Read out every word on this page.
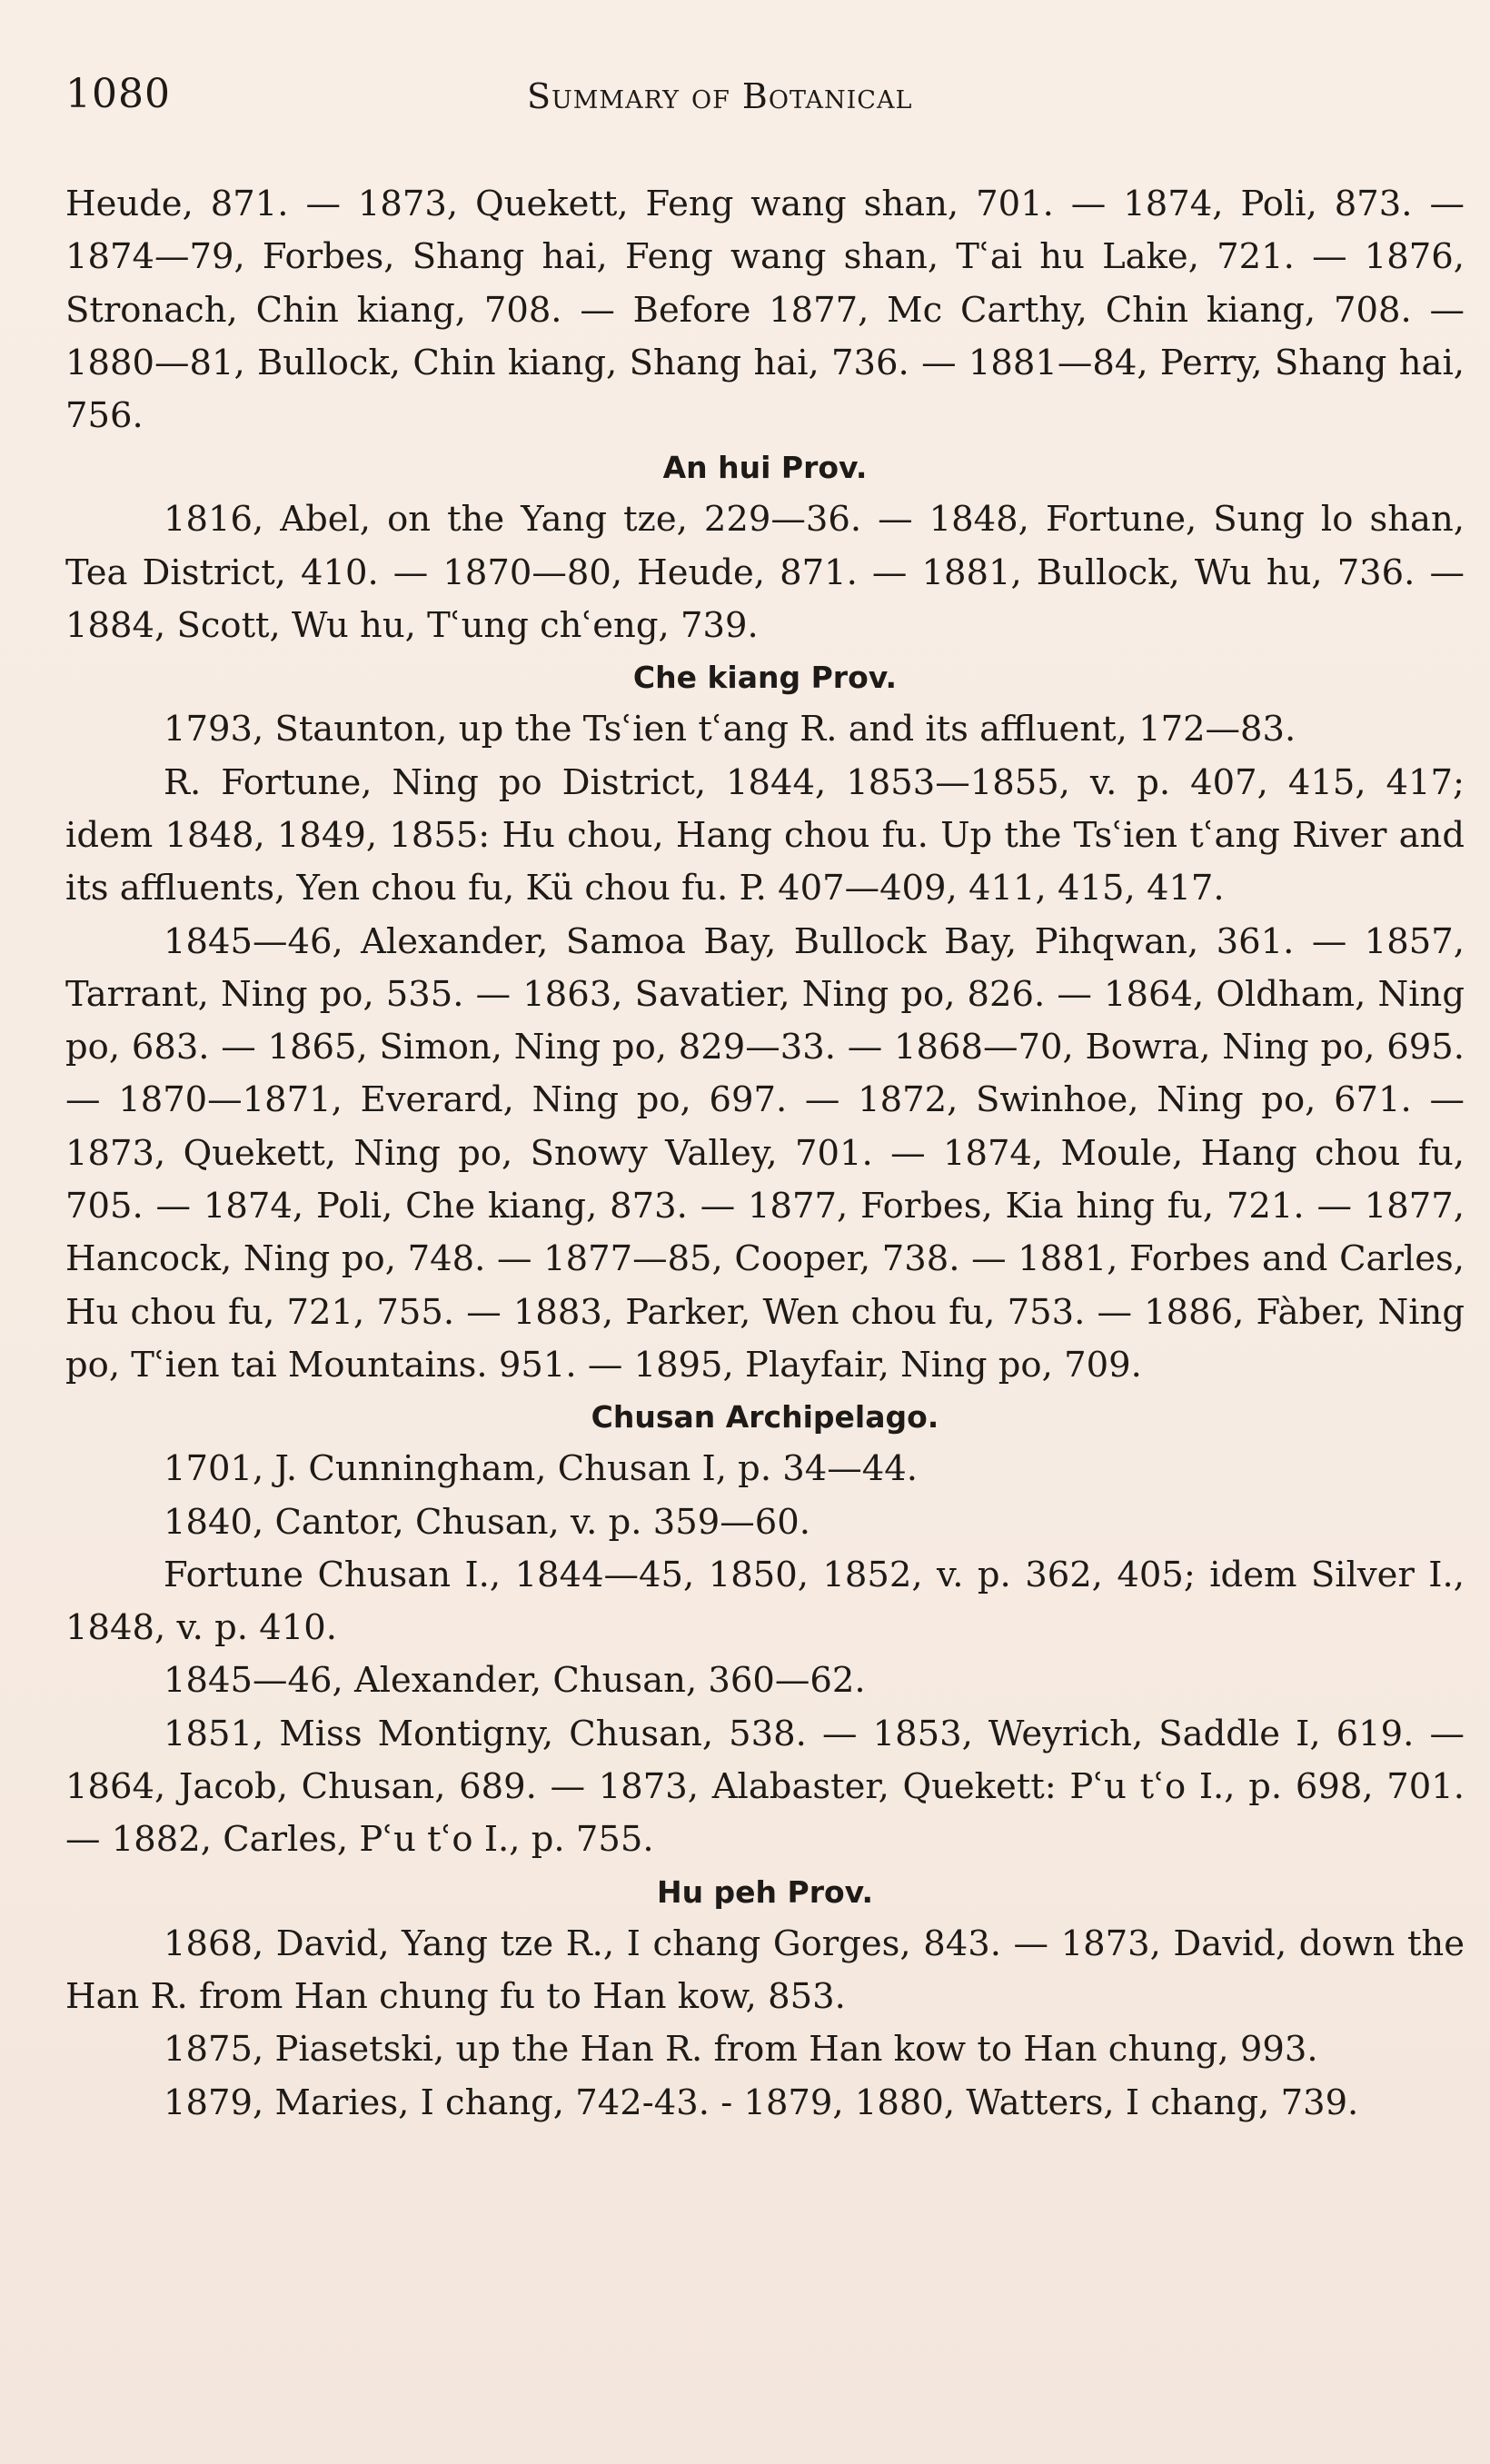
1080	Summary of Botanical

Heude, 871. — 1873, Quekett, Feng wang shan, 701. — 1874, Poli, 873. — 1874—79, Forbes, Shang hai, Feng wang shan, Tʿai hu Lake, 721. — 1876, Stronach, Chin kiang, 708. — Before 1877, Mc Carthy, Chin kiang, 708. — 1880—81, Bullock, Chin kiang, Shang hai, 736. — 1881—84, Perry, Shang hai, 756.

An hui Prov.

1816, Abel, on the Yang tze, 229—36. — 1848, Fortune, Sung lo shan, Tea District, 410. — 1870—80, Heude, 871. — 1881, Bullock, Wu hu, 736. — 1884, Scott, Wu hu, Tʿung chʿeng, 739.

Che kiang Prov.

1793, Staunton, up the Tsʿien tʿang R. and its affluent, 172—83.

R. Fortune, Ning po District, 1844, 1853—1855, v. p. 407, 415, 417; idem 1848, 1849, 1855: Hu chou, Hang chou fu. Up the Tsʿien tʿang River and its affluents, Yen chou fu, Kü chou fu. P. 407—409, 411, 415, 417.

1845—46, Alexander, Samoa Bay, Bullock Bay, Pihqwan, 361. — 1857, Tarrant, Ning po, 535. — 1863, Savatier, Ning po, 826. — 1864, Oldham, Ning po, 683. — 1865, Simon, Ning po, 829—33. — 1868—70, Bowra, Ning po, 695. — 1870—1871, Everard, Ning po, 697. — 1872, Swinhoe, Ning po, 671. — 1873, Quekett, Ning po, Snowy Valley, 701. — 1874, Moule, Hang chou fu, 705. — 1874, Poli, Che kiang, 873. — 1877, Forbes, Kia hing fu, 721. — 1877, Hancock, Ning po, 748. — 1877—85, Cooper, 738. — 1881, Forbes and Carles, Hu chou fu, 721, 755. — 1883, Parker, Wen chou fu, 753. — 1886, Fàber, Ning po, Tʿien tai Mountains. 951. — 1895, Playfair, Ning po, 709.

Chusan Archipelago.

1701, J. Cunningham, Chusan I, p. 34—44.

1840, Cantor, Chusan, v. p. 359—60.

Fortune Chusan I., 1844—45, 1850, 1852, v. p. 362, 405; idem Silver I., 1848, v. p. 410.

1845—46, Alexander, Chusan, 360—62.

1851, Miss Montigny, Chusan, 538. — 1853, Weyrich, Saddle I, 619. — 1864, Jacob, Chusan, 689. — 1873, Alabaster, Quekett: Pʿu tʿo I., p. 698, 701. — 1882, Carles, Pʿu tʿo I., p. 755.

Hu peh Prov.

1868, David, Yang tze R., I chang Gorges, 843. — 1873, David, down the Han R. from Han chung fu to Han kow, 853.

1875, Piasetski, up the Han R. from Han kow to Han chung, 993.

1879, Maries, I chang, 742-43. - 1879, 1880, Watters, I chang, 739.
